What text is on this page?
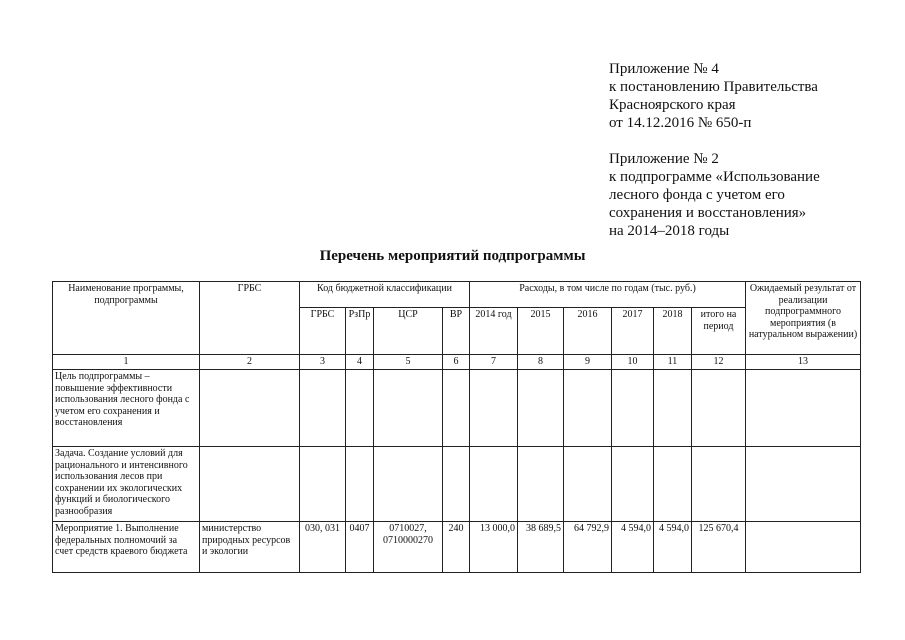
Приложение № 4
к постановлению Правительства
Красноярского края
от 14.12.2016 № 650-п
Приложение № 2
к подпрограмме «Использование
лесного фонда с учетом его
сохранения и восстановления»
на 2014–2018 годы
Перечень мероприятий подпрограммы
Наименование программы, подпрограммы	ГРБС	Код бюджетной классификации				Расходы, в том числе по годам (тыс. руб.)						Ожидаемый результат от реализации подпрограммного мероприятия (в натуральном выражении)
		ГРБС	РзПр	ЦСР	ВР	2014 год	2015	2016	2017	2018	итого на период	
1	2	3	4	5	6	7	8	9	10	11	12	13
Цель подпрограммы – повышение эффективности использования лесного фонда с учетом его сохранения и восстановления												
Задача. Создание условий для рационального и интенсивного использования лесов при сохранении их экологических функций и биологического разнообразия												
Мероприятие 1. Выполнение федеральных полномочий за счет средств краевого бюджета	министерство природных ресурсов и экологии	030, 031	0407	0710027, 0710000270	240	13 000,0	38 689,5	64 792,9	4 594,0	4 594,0	125 670,4	
